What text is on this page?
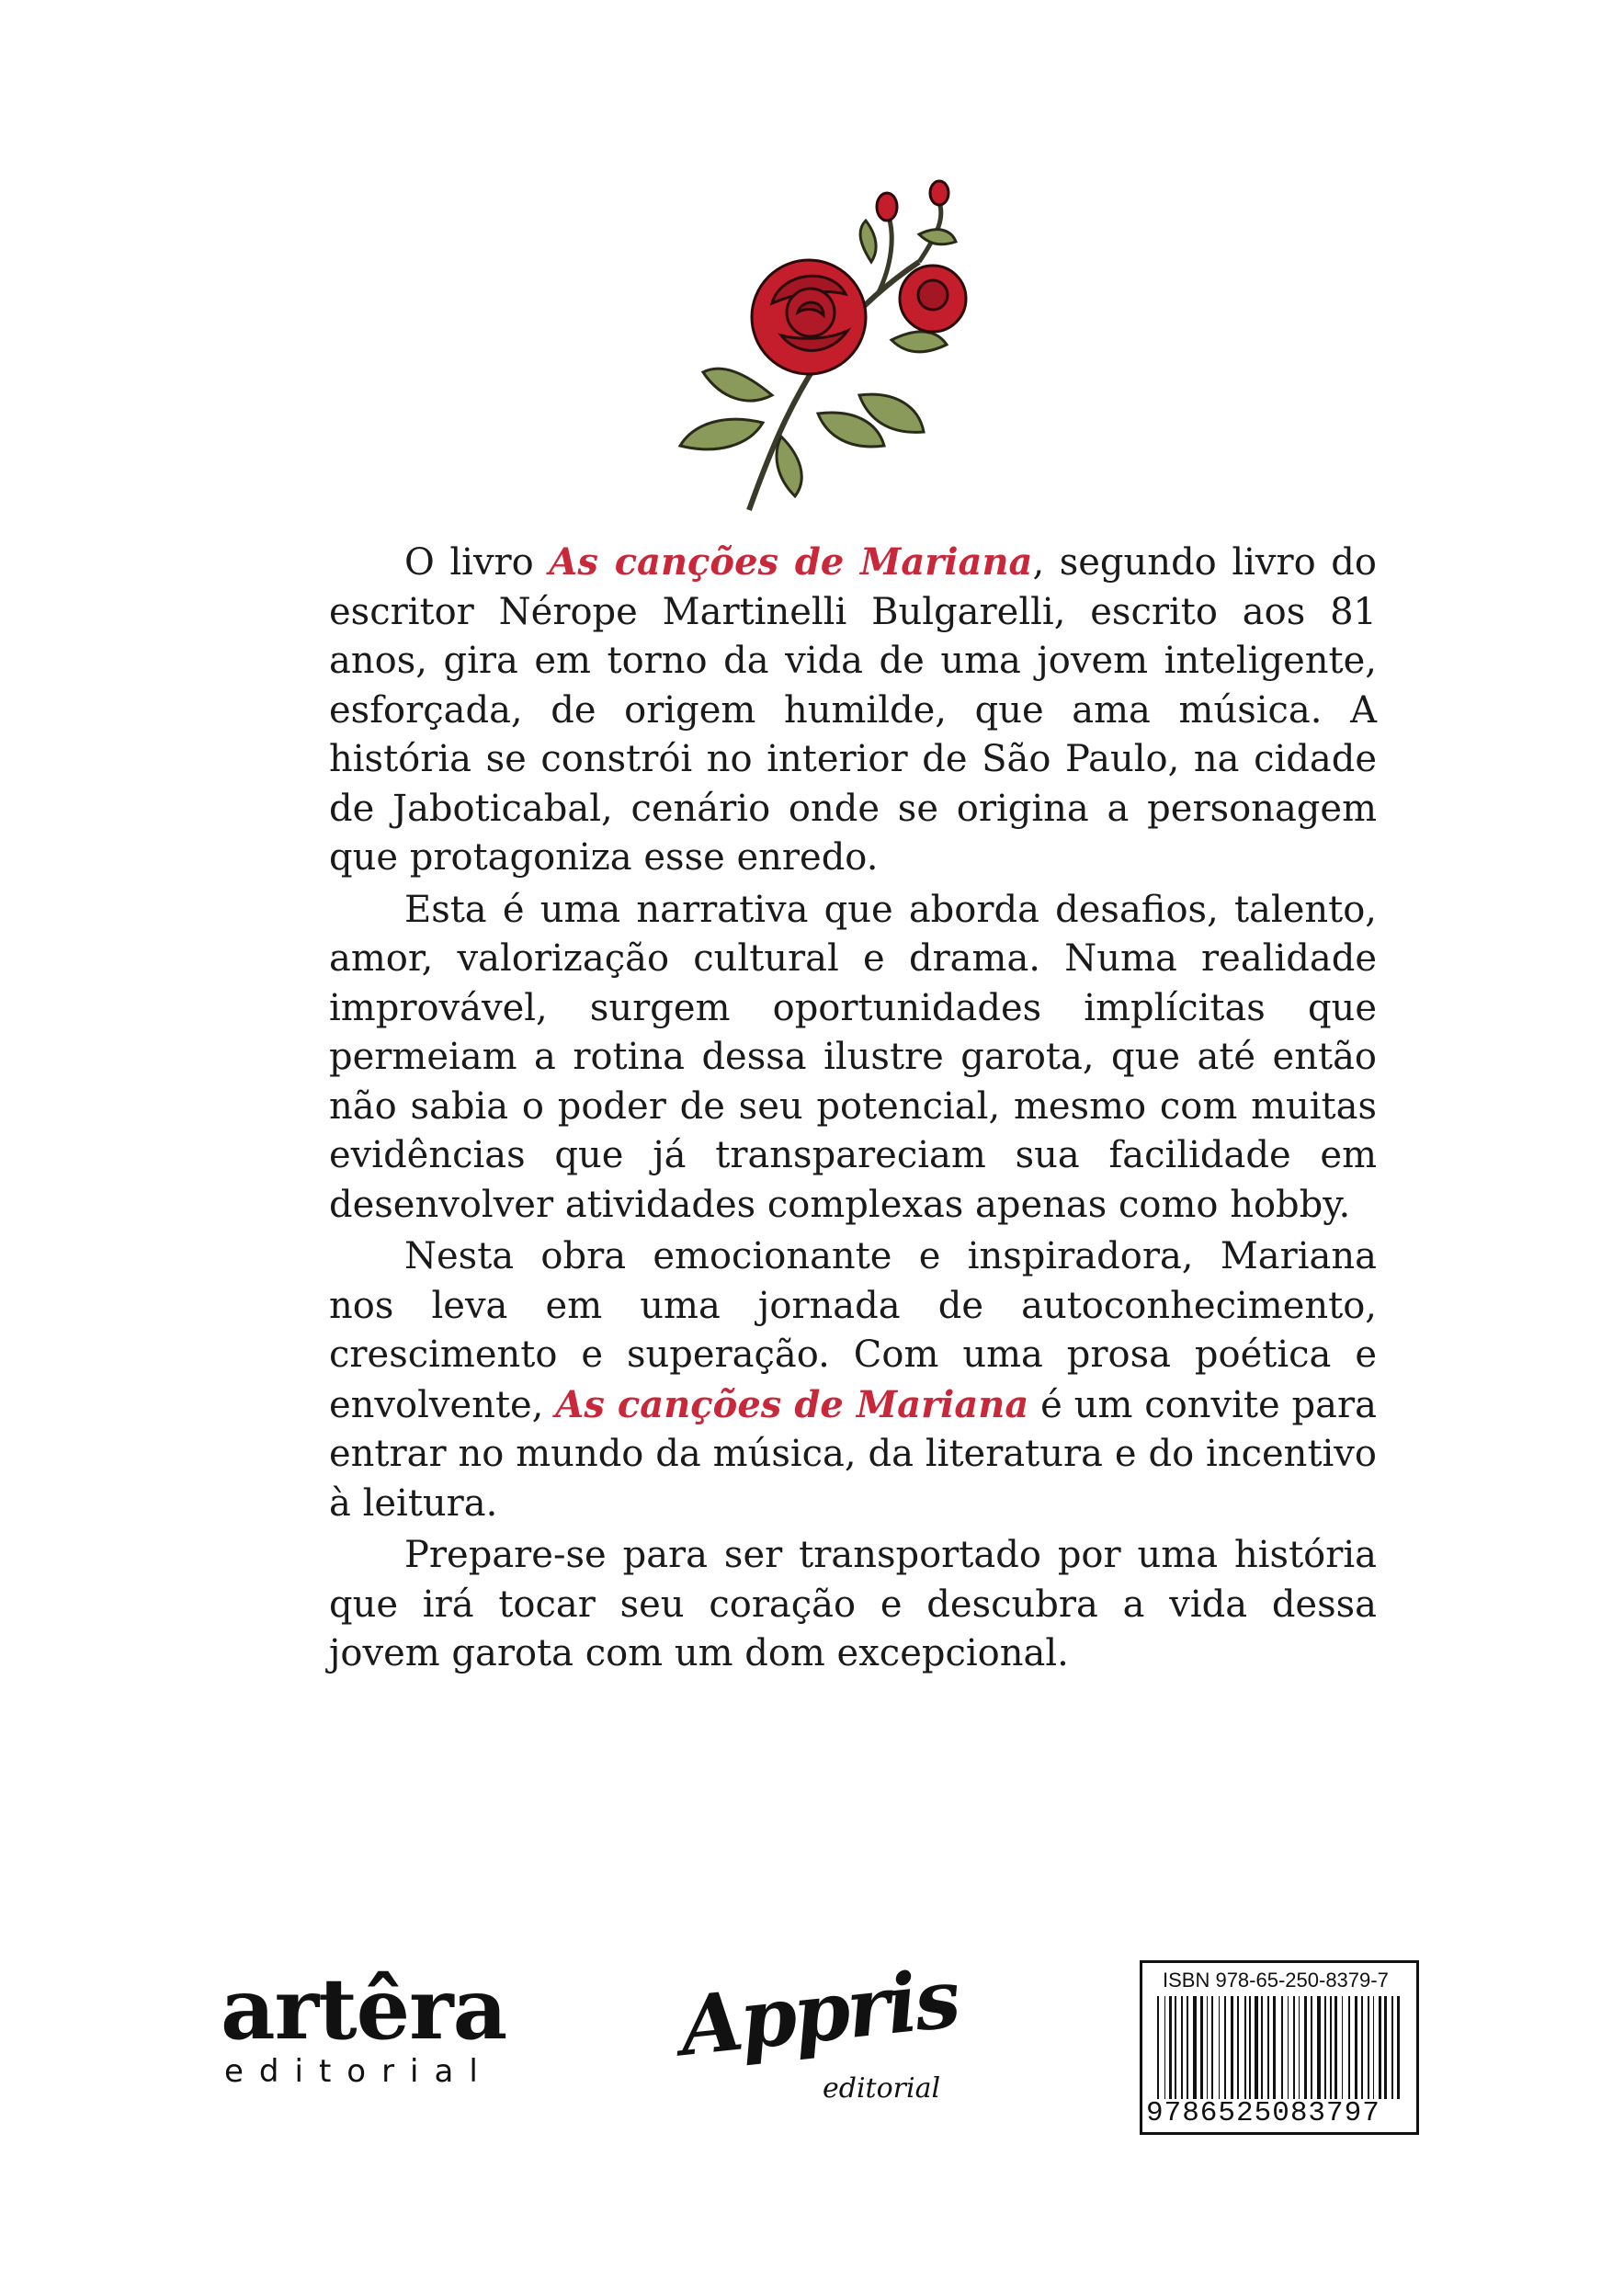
O livro As canções de Mariana, segundo livro do escritor Nérope Martinelli Bulgarelli, escrito aos 81 anos, gira em torno da vida de uma jovem inteligente, esforçada, de origem humilde, que ama música. A história se constrói no interior de São Paulo, na cidade de Jaboticabal, cenário onde se origina a personagem que protagoniza esse enredo.

Esta é uma narrativa que aborda desafios, talento, amor, valorização cultural e drama. Numa realidade improvável, surgem oportunidades implícitas que permeiam a rotina dessa ilustre garota, que até então não sabia o poder de seu potencial, mesmo com muitas evidências que já transpareciam sua facilidade em desenvolver atividades complexas apenas como hobby.

Nesta obra emocionante e inspiradora, Mariana nos leva em uma jornada de autoconhecimento, crescimento e superação. Com uma prosa poética e envolvente, As canções de Mariana é um convite para entrar no mundo da música, da literatura e do incentivo à leitura.

Prepare-se para ser transportado por uma história que irá tocar seu coração e descubra a vida dessa jovem garota com um dom excepcional.

artêra
editorial	Appris
editorial
ISBN 978-65-250-8379-7
9786525083797
